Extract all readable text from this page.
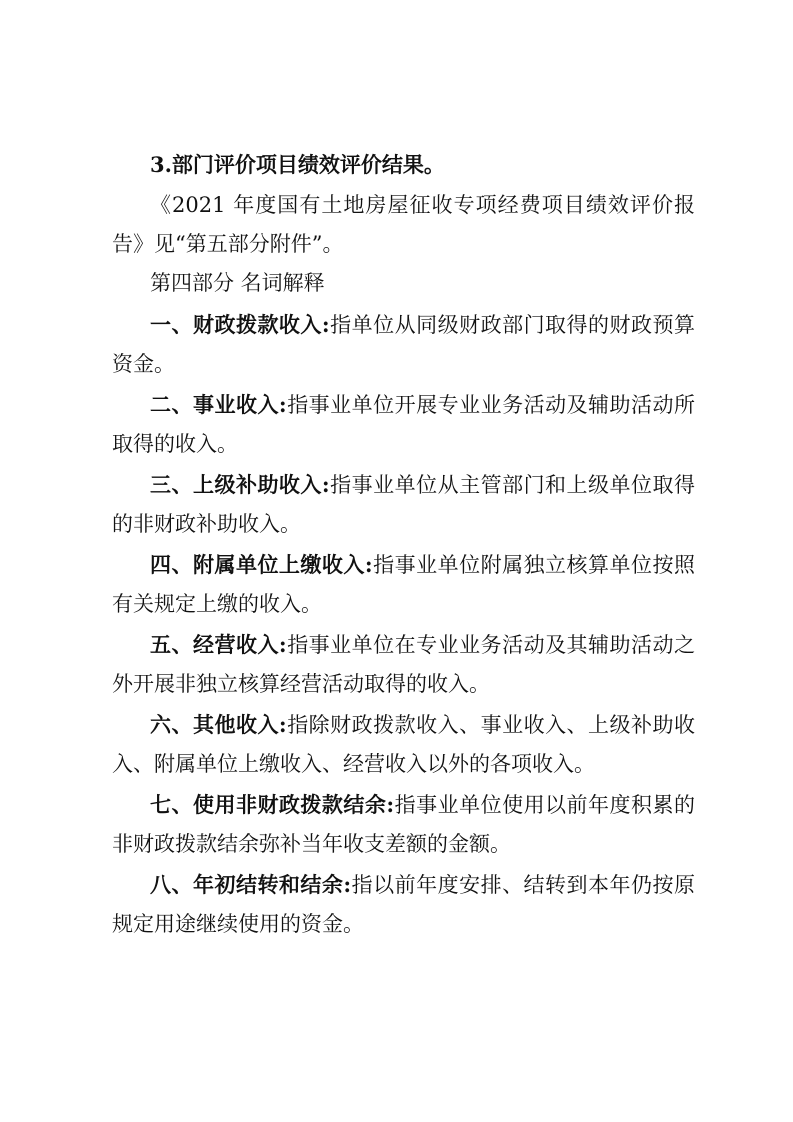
3.部门评价项目绩效评价结果。
《2021 年度国有土地房屋征收专项经费项目绩效评价报
告》见“第五部分附件”。
第四部分 名词解释
一、财政拨款收入:指单位从同级财政部门取得的财政预算
资金。
二、事业收入:指事业单位开展专业业务活动及辅助活动所
取得的收入。
三、上级补助收入:指事业单位从主管部门和上级单位取得
的非财政补助收入。
四、附属单位上缴收入:指事业单位附属独立核算单位按照
有关规定上缴的收入。
五、经营收入:指事业单位在专业业务活动及其辅助活动之
外开展非独立核算经营活动取得的收入。
六、其他收入:指除财政拨款收入、事业收入、上级补助收
入、附属单位上缴收入、经营收入以外的各项收入。
七、使用非财政拨款结余:指事业单位使用以前年度积累的
非财政拨款结余弥补当年收支差额的金额。
八、年初结转和结余:指以前年度安排、结转到本年仍按原
规定用途继续使用的资金。
